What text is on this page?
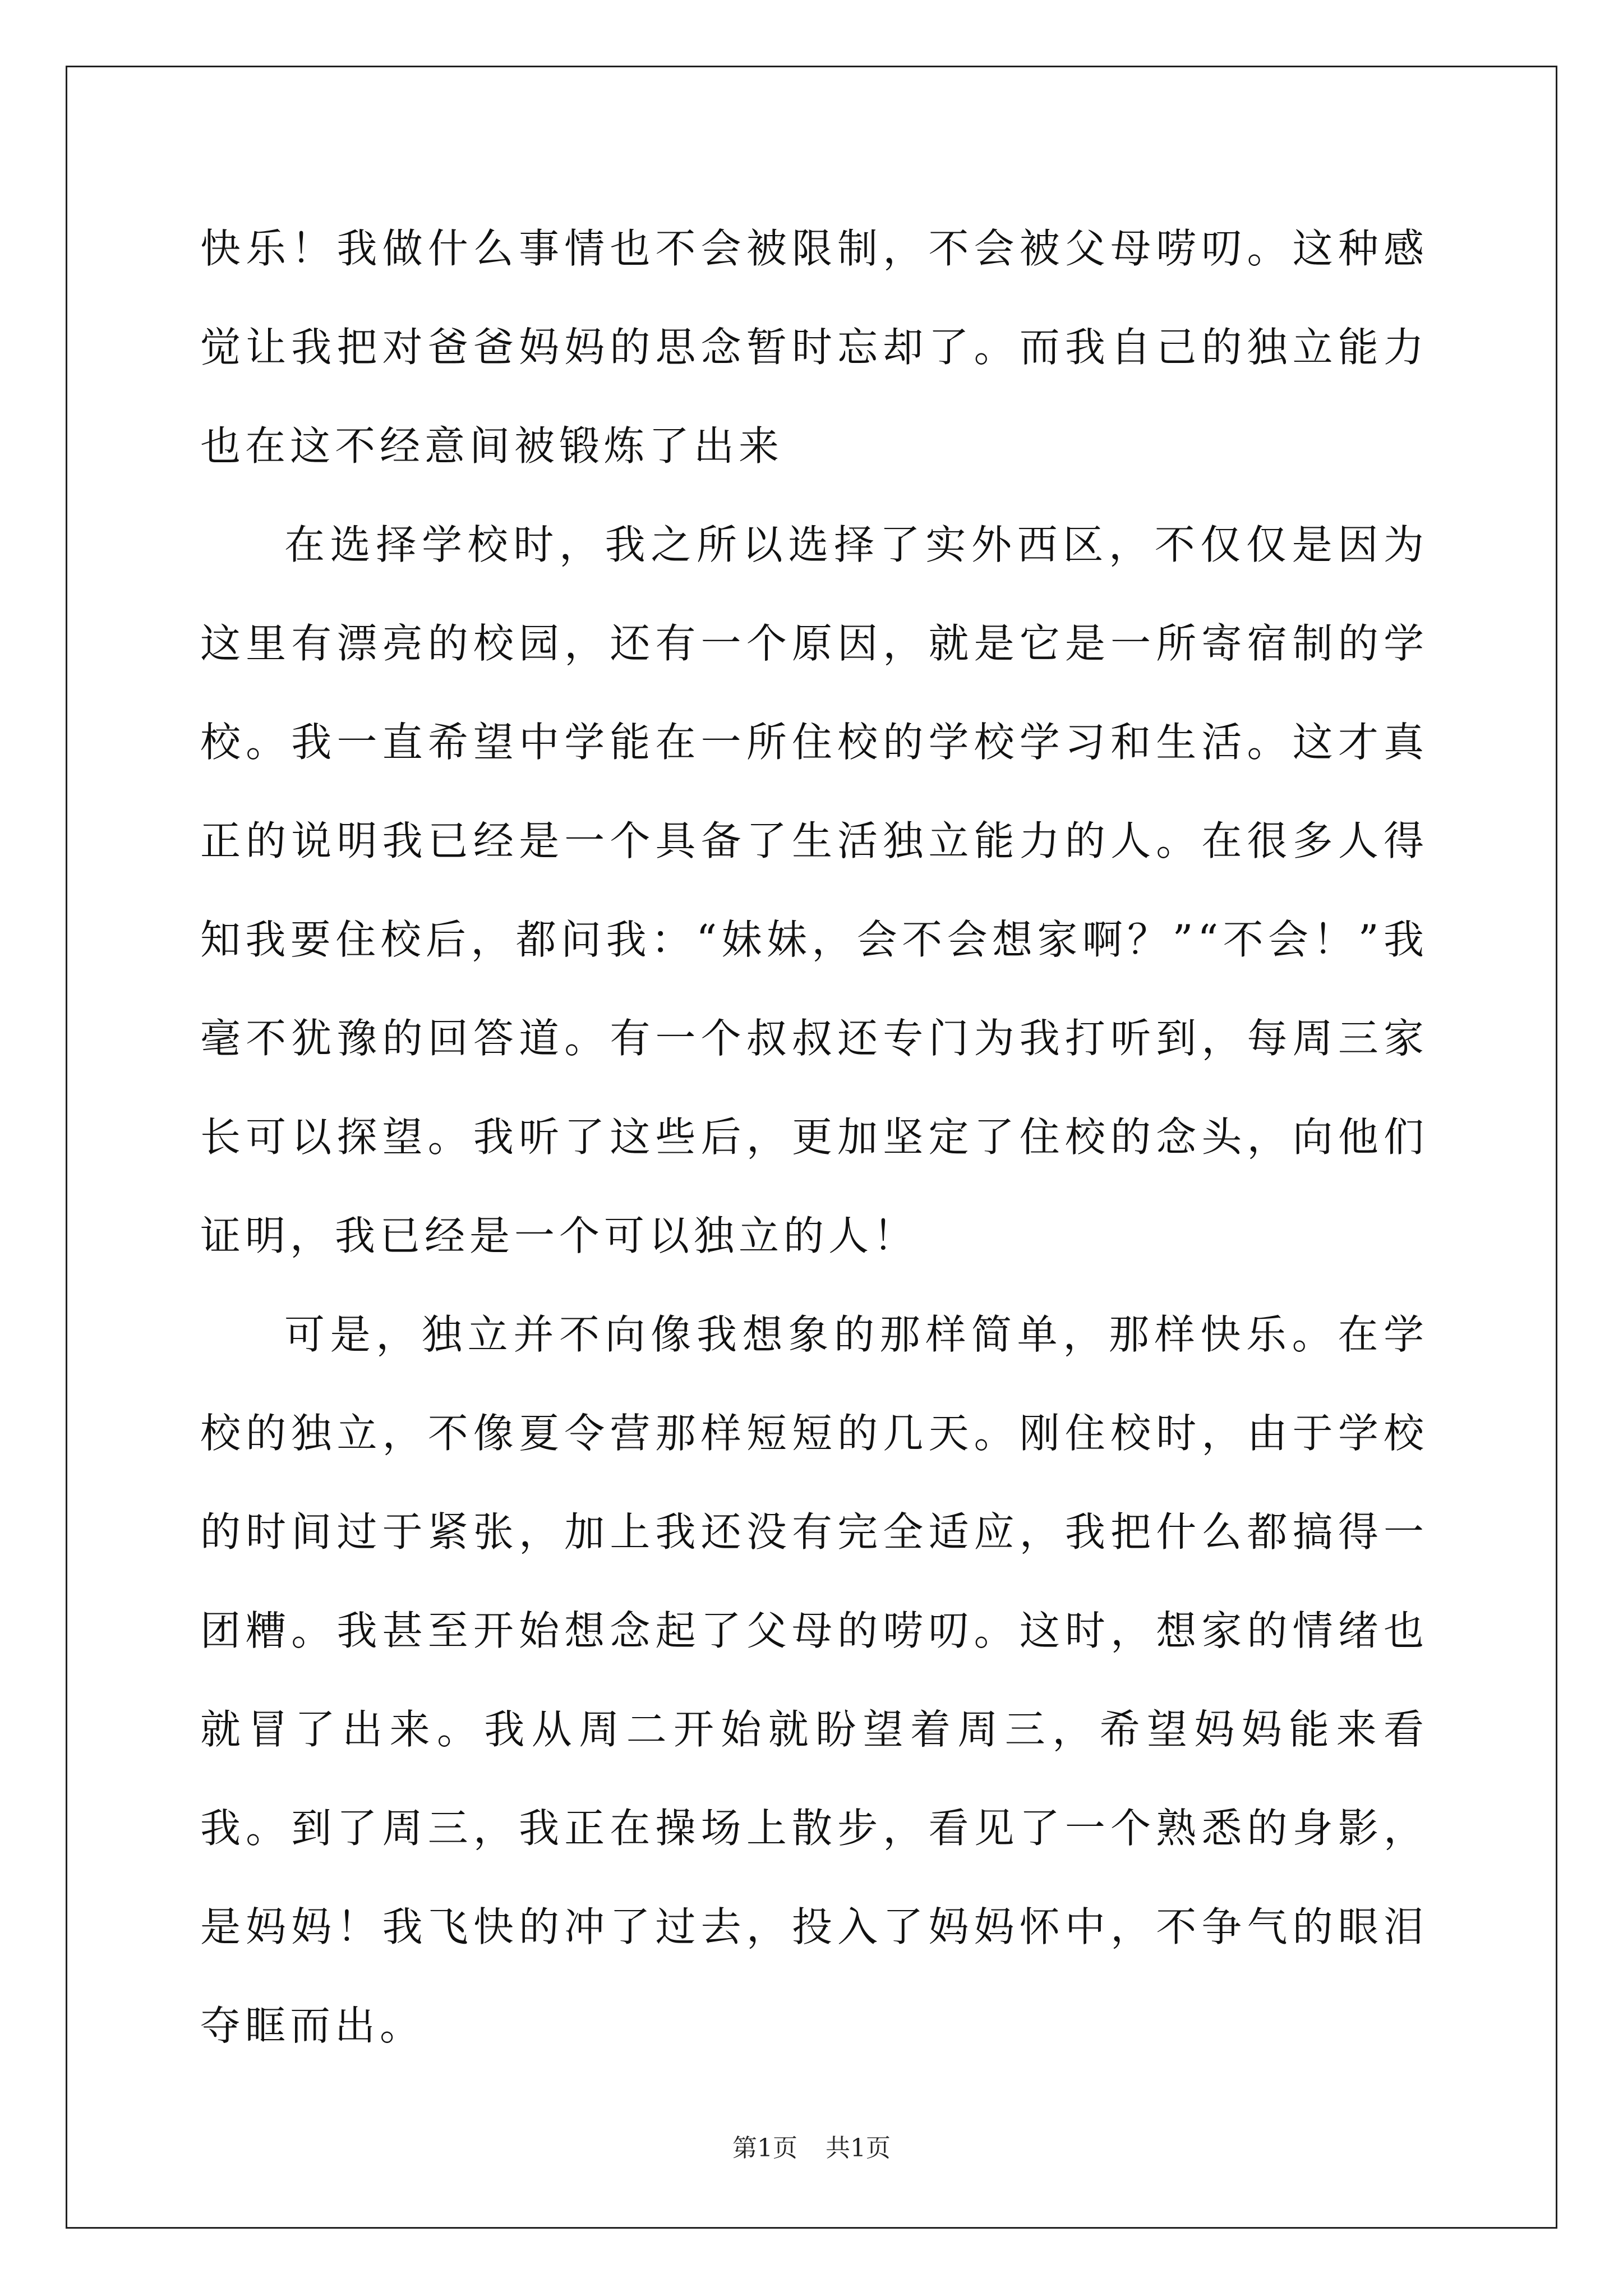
快乐！我做什么事情也不会被限制，不会被父母唠叨。这种感觉让我把对爸爸妈妈的思念暂时忘却了。而我自己的独立能力也在这不经意间被锻炼了出来

在选择学校时，我之所以选择了实外西区，不仅仅是因为这里有漂亮的校园，还有一个原因，就是它是一所寄宿制的学校。我一直希望中学能在一所住校的学校学习和生活。这才真正的说明我已经是一个具备了生活独立能力的人。在很多人得知我要住校后，都问我：“妹妹，会不会想家啊？”“不会！”我毫不犹豫的回答道。有一个叔叔还专门为我打听到，每周三家长可以探望。我听了这些后，更加坚定了住校的念头，向他们证明，我已经是一个可以独立的人！

可是，独立并不向像我想象的那样简单，那样快乐。在学校的独立，不像夏令营那样短短的几天。刚住校时，由于学校的时间过于紧张，加上我还没有完全适应，我把什么都搞得一团糟。我甚至开始想念起了父母的唠叨。这时，想家的情绪也就冒了出来。我从周二开始就盼望着周三，希望妈妈能来看我。到了周三，我正在操场上散步，看见了一个熟悉的身影，是妈妈！我飞快的冲了过去，投入了妈妈怀中，不争气的眼泪夺眶而出。

第1页 共1页
